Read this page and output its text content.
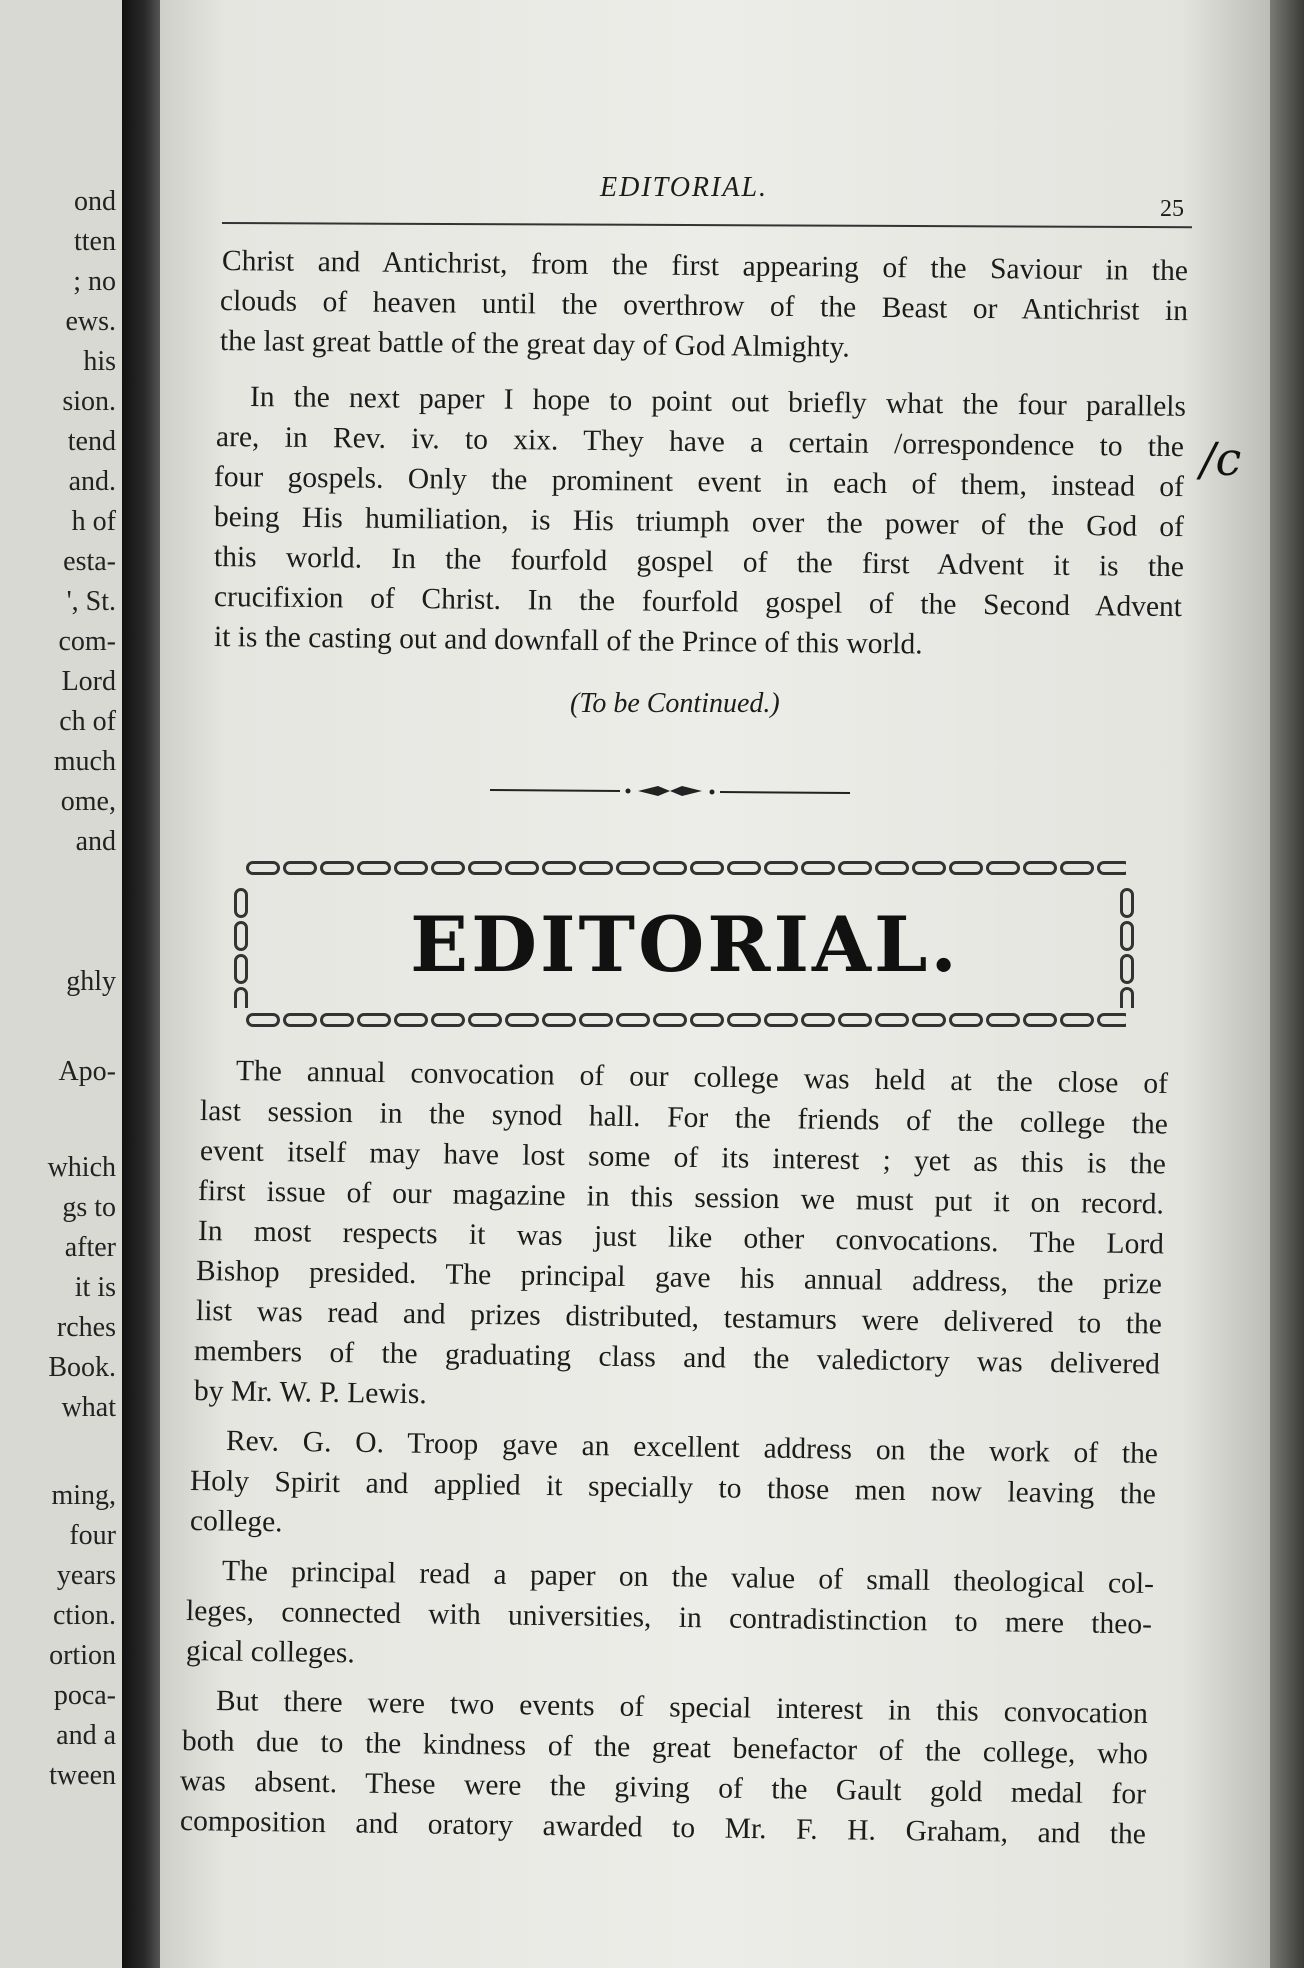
ond
tten
; no
ews.
his
sion.
tend
and.
h of
esta-
', St.
com-
Lord
ch of
much
ome,
and
ghly
Apo-
which
gs to
after
it is
rches
Book.
what
ming,
four
years
ction.
ortion
poca-
and a
tween
EDITORIAL.
25
Christ and Antichrist, from the first appearing of the Saviour in the
clouds of heaven until the overthrow of the Beast or Antichrist in
the last great battle of the great day of God Almighty.
In the next paper I hope to point out briefly what the four parallels
are, in Rev. iv. to xix. They have a certain /orrespondence to the
four gospels. Only the prominent event in each of them, instead of
being His humiliation, is His triumph over the power of the God of
this world. In the fourfold gospel of the first Advent it is the
crucifixion of Christ. In the fourfold gospel of the Second Advent
it is the casting out and downfall of the Prince of this world.
/c
(To be Continued.)
EDITORIAL.
The annual convocation of our college was held at the close of
last session in the synod hall. For the friends of the college the
event itself may have lost some of its interest ; yet as this is the
first issue of our magazine in this session we must put it on record.
In most respects it was just like other convocations. The Lord
Bishop presided. The principal gave his annual address, the prize
list was read and prizes distributed, testamurs were delivered to the
members of the graduating class and the valedictory was delivered
by Mr. W. P. Lewis.
Rev. G. O. Troop gave an excellent address on the work of the
Holy Spirit and applied it specially to those men now leaving the
college.
The principal read a paper on the value of small theological col-
leges, connected with universities, in contradistinction to mere theo-
gical colleges.
But there were two events of special interest in this convocation
both due to the kindness of the great benefactor of the college, who
was absent. These were the giving of the Gault gold medal for
composition and oratory awarded to Mr. F. H. Graham, and the
